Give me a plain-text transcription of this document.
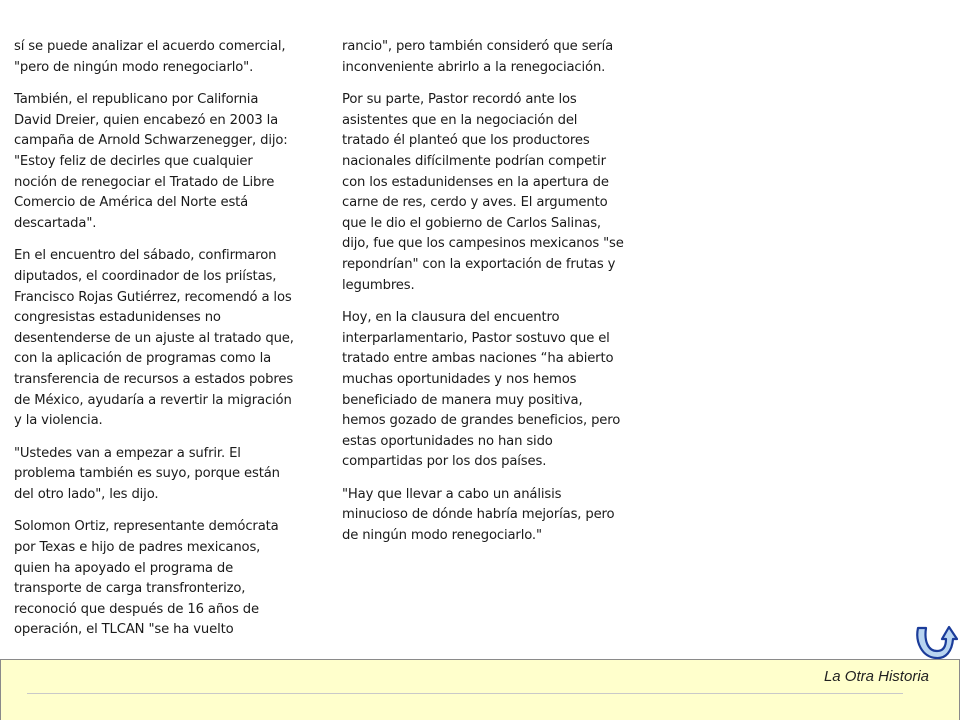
sí se puede analizar el acuerdo comercial, "pero de ningún modo renegociarlo".

También, el republicano por California David Dreier, quien encabezó en 2003 la campaña de Arnold Schwarzenegger, dijo: "Estoy feliz de decirles que cualquier noción de renegociar el Tratado de Libre Comercio de América del Norte está descartada".

En el encuentro del sábado, confirmaron diputados, el coordinador de los priístas, Francisco Rojas Gutiérrez, recomendó a los congresistas estadunidenses no desentenderse de un ajuste al tratado que, con la aplicación de programas como la transferencia de recursos a estados pobres de México, ayudaría a revertir la migración y la violencia.

"Ustedes van a empezar a sufrir. El problema también es suyo, porque están del otro lado", les dijo.

Solomon Ortiz, representante demócrata por Texas e hijo de padres mexicanos, quien ha apoyado el programa de transporte de carga transfronterizo, reconoció que después de 16 años de operación, el TLCAN "se ha vuelto

rancio", pero también consideró que sería inconveniente abrirlo a la renegociación.

Por su parte, Pastor recordó ante los asistentes que en la negociación del tratado él planteó que los productores nacionales difícilmente podrían competir con los estadunidenses en la apertura de carne de res, cerdo y aves. El argumento que le dio el gobierno de Carlos Salinas, dijo, fue que los campesinos mexicanos "se repondrían" con la exportación de frutas y legumbres.

Hoy, en la clausura del encuentro interparlamentario, Pastor sostuvo que el tratado entre ambas naciones “ha abierto muchas oportunidades y nos hemos beneficiado de manera muy positiva, hemos gozado de grandes beneficios, pero estas oportunidades no han sido compartidas por los dos países.

"Hay que llevar a cabo un análisis minucioso de dónde habría mejorías, pero de ningún modo renegociarlo."

La Otra Historia
